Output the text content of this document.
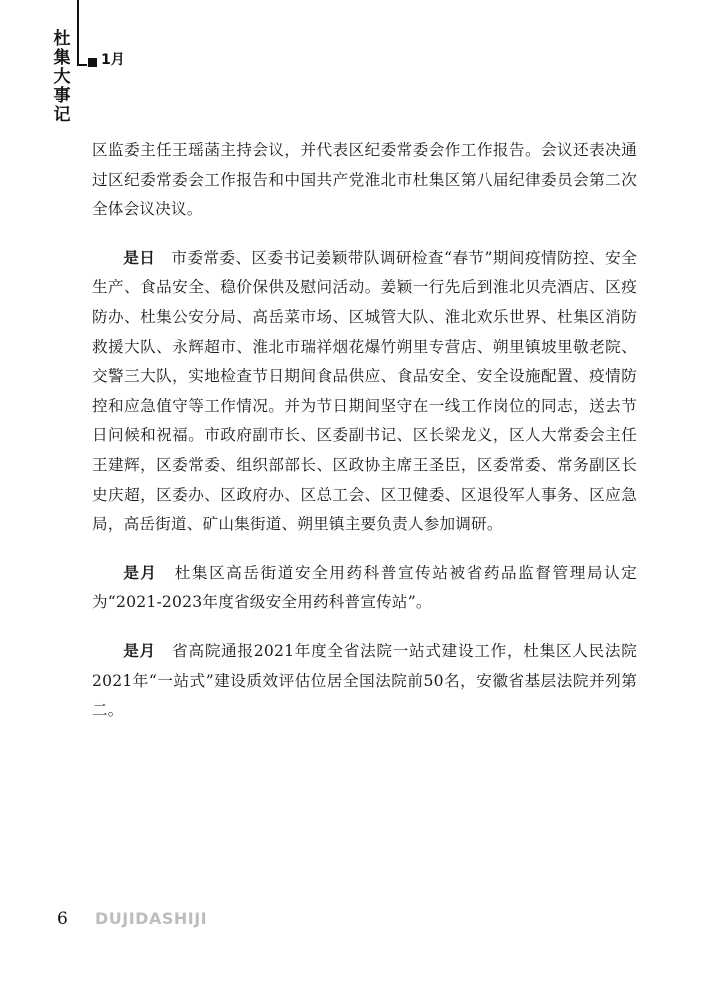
杜
集
大
事
记
1月

区监委主任王瑶菡主持会议，并代表区纪委常委会作工作报告。会议还表决通过区纪委常委会工作报告和中国共产党淮北市杜集区第八届纪律委员会第二次全体会议决议。

是日　 市委常委、区委书记姜颖带队调研检查“春节”期间疫情防控、安全生产、食品安全、稳价保供及慰问活动。姜颖一行先后到淮北贝壳酒店、区疫防办、杜集公安分局、高岳菜市场、区城管大队、淮北欢乐世界、杜集区消防救援大队、永辉超市、淮北市瑞祥烟花爆竹朔里专营店、朔里镇坡里敬老院、交警三大队，实地检查节日期间食品供应、食品安全、安全设施配置、疫情防控和应急值守等工作情况。并为节日期间坚守在一线工作岗位的同志，送去节日问候和祝福。市政府副市长、区委副书记、区长梁龙义，区人大常委会主任王建辉，区委常委、组织部部长、区政协主席王圣臣，区委常委、常务副区长史庆超，区委办、区政府办、区总工会、区卫健委、区退役军人事务、区应急局，高岳街道、矿山集街道、朔里镇主要负责人参加调研。

是月　 杜集区高岳街道安全用药科普宣传站被省药品监督管理局认定为“2021-2023年度省级安全用药科普宣传站”。

是月　 省高院通报2021年度全省法院一站式建设工作，杜集区人民法院2021年“一站式”建设质效评估位居全国法院前50名，安徽省基层法院并列第二。

6 DUJIDASHIJI
